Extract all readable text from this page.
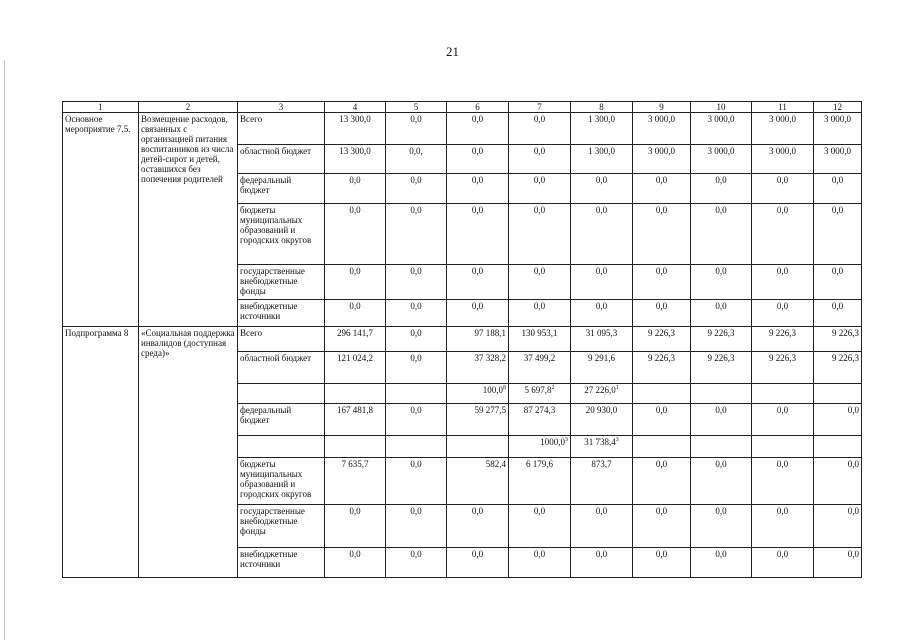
21
1	2	3	4	5	6	7	8	9	10	11	12
Основное мероприятие 7.5.	Возмещение расходов, связанных с организацией питания воспитанников из числа детей-сирот и детей, оставшихся без попечения родителей	Всего	13 300,0	0,0	0,0	0,0	1 300,0	3 000,0	3 000,0	3 000,0	3 000,0
		областной бюджет	13 300,0	0,0,	0,0	0,0	1 300,0	3 000,0	3 000,0	3 000,0	3 000,0
		федеральный бюджет	0,0	0,0	0,0	0,0	0,0	0,0	0,0	0,0	0,0
		бюджеты муниципальных образований и городских округов	0,0	0,0	0,0	0,0	0,0	0,0	0,0	0,0	0,0
		государственные внебюджетные фонды	0,0	0,0	0,0	0,0	0,0	0,0	0,0	0,0	0,0
		внебюджетные источники	0,0	0,0	0,0	0,0	0,0	0,0	0,0	0,0	0,0
Подпрограмма 8	«Социальная поддержка инвалидов (доступная среда)»	Всего	296 141,7	0,0	97 188,1	130 953,1	31 095,3	9 226,3	9 226,3	9 226,3	9 226,3
		областной бюджет	121 024,2	0,0	37 328,2	37 499,2	9 291,6	9 226,3	9 226,3	9 226,3	9 226,3
					100,0$^8$	5 697,8$^2$	27 226,0$^1$				
		федеральный бюджет	167 481,8	0,0	59 277,5	87 274,3	20 930,0	0,0	0,0	0,0	0,0
						1000,0$^3$	31 738,4$^3$				
		бюджеты муниципальных образований и городских округов	7 635,7	0,0	582,4	6 179,6	873,7	0,0	0,0	0,0	0,0
		государственные внебюджетные фонды	0,0	0,0	0,0	0,0	0,0	0,0	0,0	0,0	0,0
		внебюджетные источники	0,0	0,0	0,0	0,0	0,0	0,0	0,0	0,0	0,0
